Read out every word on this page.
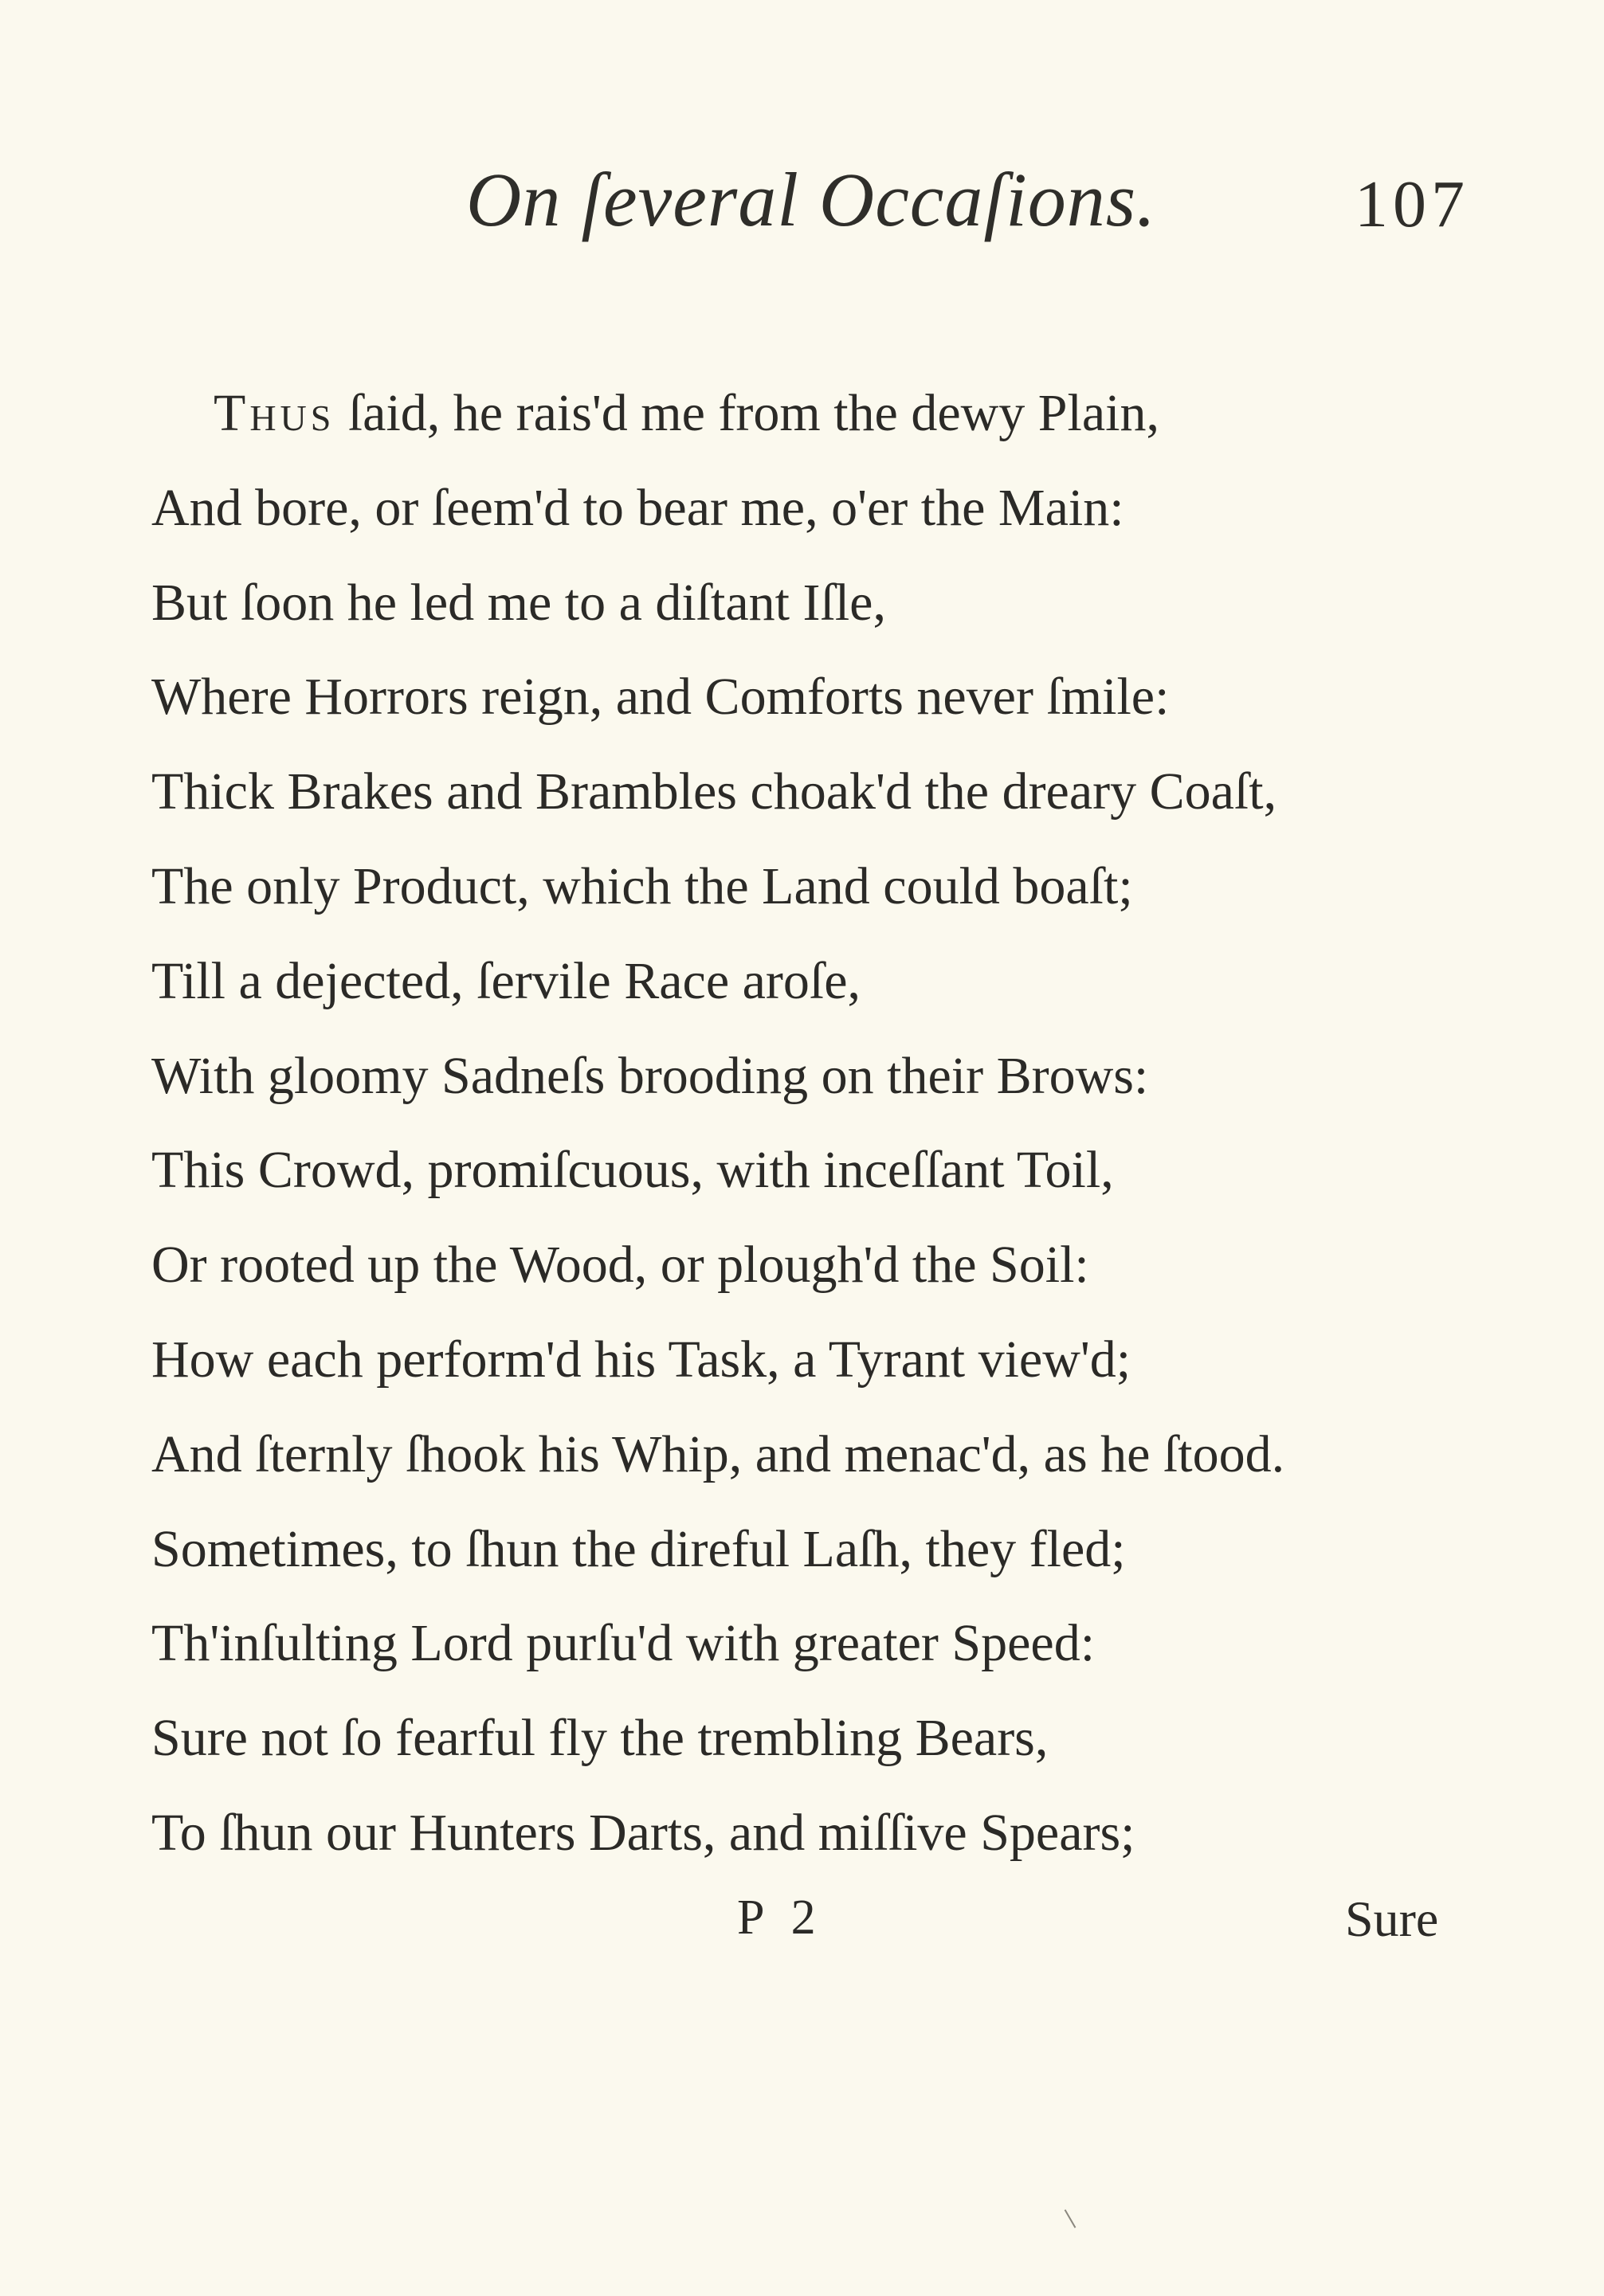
On ſeveral Occaſions.	107
Thus ſaid, he rais'd me from the dewy Plain,
And bore, or ſeem'd to bear me, o'er the Main:
But ſoon he led me to a diſtant Iſle,
Where Horrors reign, and Comforts never ſmile:
Thick Brakes and Brambles choak'd the dreary Coaſt,
The only Product, which the Land could boaſt;
Till a dejected, ſervile Race aroſe,
With gloomy Sadneſs brooding on their Brows:
This Crowd, promiſcuous, with inceſſant Toil,
Or rooted up the Wood, or plough'd the Soil:
How each perform'd his Task, a Tyrant view'd;
And ſternly ſhook his Whip, and menac'd, as he ſtood.
Sometimes, to ſhun the direful Laſh, they fled;
Th'inſulting Lord purſu'd with greater Speed:
Sure not ſo fearful fly the trembling Bears,
To ſhun our Hunters Darts, and miſſive Spears;
P 2	Sure
